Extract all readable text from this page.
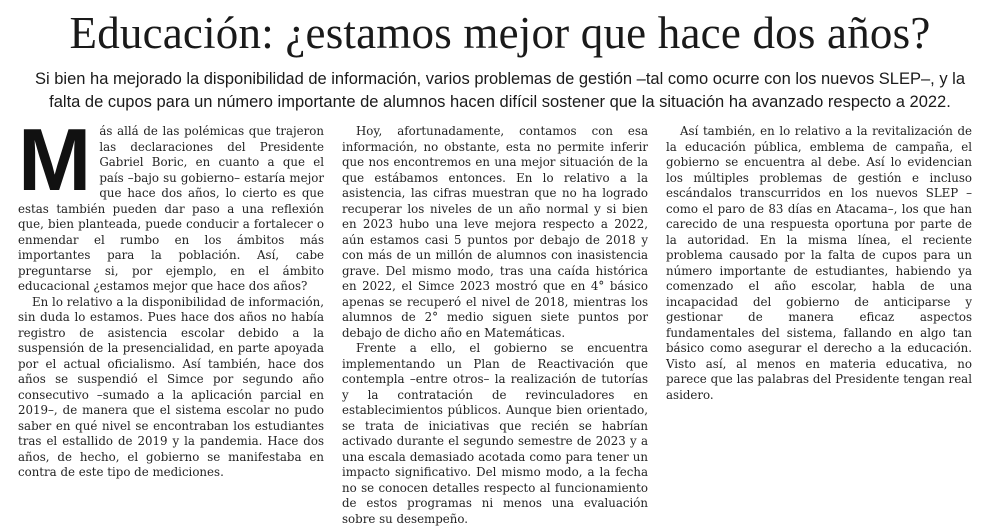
Educación: ¿estamos mejor que hace dos años?

Si bien ha mejorado la disponibilidad de información, varios problemas de gestión –tal como ocurre con los nuevos SLEP–, y la falta de cupos para un número importante de alumnos hacen difícil sostener que la situación ha avanzado respecto a 2022.

M ás allá de las polémicas que trajeron las declaraciones del Presidente Gabriel Boric, en cuanto a que el país –bajo su gobierno– estaría mejor que hace dos años, lo cierto es que estas también pueden dar paso a una reflexión que, bien planteada, puede conducir a fortalecer o enmendar el rumbo en los ámbitos más importantes para la población. Así, cabe preguntarse si, por ejemplo, en el ámbito educacional ¿estamos mejor que hace dos años?

En lo relativo a la disponibilidad de información, sin duda lo estamos. Pues hace dos años no había registro de asistencia escolar debido a la suspensión de la presencialidad, en parte apoyada por el actual oficialismo. Así también, hace dos años se suspendió el Simce por segundo año consecutivo –sumado a la aplicación parcial en 2019–, de manera que el sistema escolar no pudo saber en qué nivel se encontraban los estudiantes tras el estallido de 2019 y la pandemia. Hace dos años, de hecho, el gobierno se manifestaba en contra de este tipo de mediciones.

Hoy, afortunadamente, contamos con esa información, no obstante, esta no permite inferir que nos encontremos en una mejor situación de la que estábamos entonces. En lo relativo a la asistencia, las cifras muestran que no ha logrado recuperar los niveles de un año normal y si bien en 2023 hubo una leve mejora respecto a 2022, aún estamos casi 5 puntos por debajo de 2018 y con más de un millón de alumnos con inasistencia grave. Del mismo modo, tras una caída histórica en 2022, el Simce 2023 mostró que en 4° básico apenas se recuperó el nivel de 2018, mientras los alumnos de 2° medio siguen siete puntos por debajo de dicho año en Matemáticas.

Frente a ello, el gobierno se encuentra implementando un Plan de Reactivación que contempla –entre otros– la realización de tutorías y la contratación de revinculadores en establecimientos públicos. Aunque bien orientado, se trata de iniciativas que recién se habrían activado durante el segundo semestre de 2023 y a una escala demasiado acotada como para tener un impacto significativo. Del mismo modo, a la fecha no se conocen detalles respecto al funcionamiento de estos programas ni menos una evaluación sobre su desempeño.

Así también, en lo relativo a la revitalización de la educación pública, emblema de campaña, el gobierno se encuentra al debe. Así lo evidencian los múltiples problemas de gestión e incluso escándalos transcurridos en los nuevos SLEP –como el paro de 83 días en Atacama–, los que han carecido de una respuesta oportuna por parte de la autoridad. En la misma línea, el reciente problema causado por la falta de cupos para un número importante de estudiantes, habiendo ya comenzado el año escolar, habla de una incapacidad del gobierno de anticiparse y gestionar de manera eficaz aspectos fundamentales del sistema, fallando en algo tan básico como asegurar el derecho a la educación. Visto así, al menos en materia educativa, no parece que las palabras del Presidente tengan real asidero.
